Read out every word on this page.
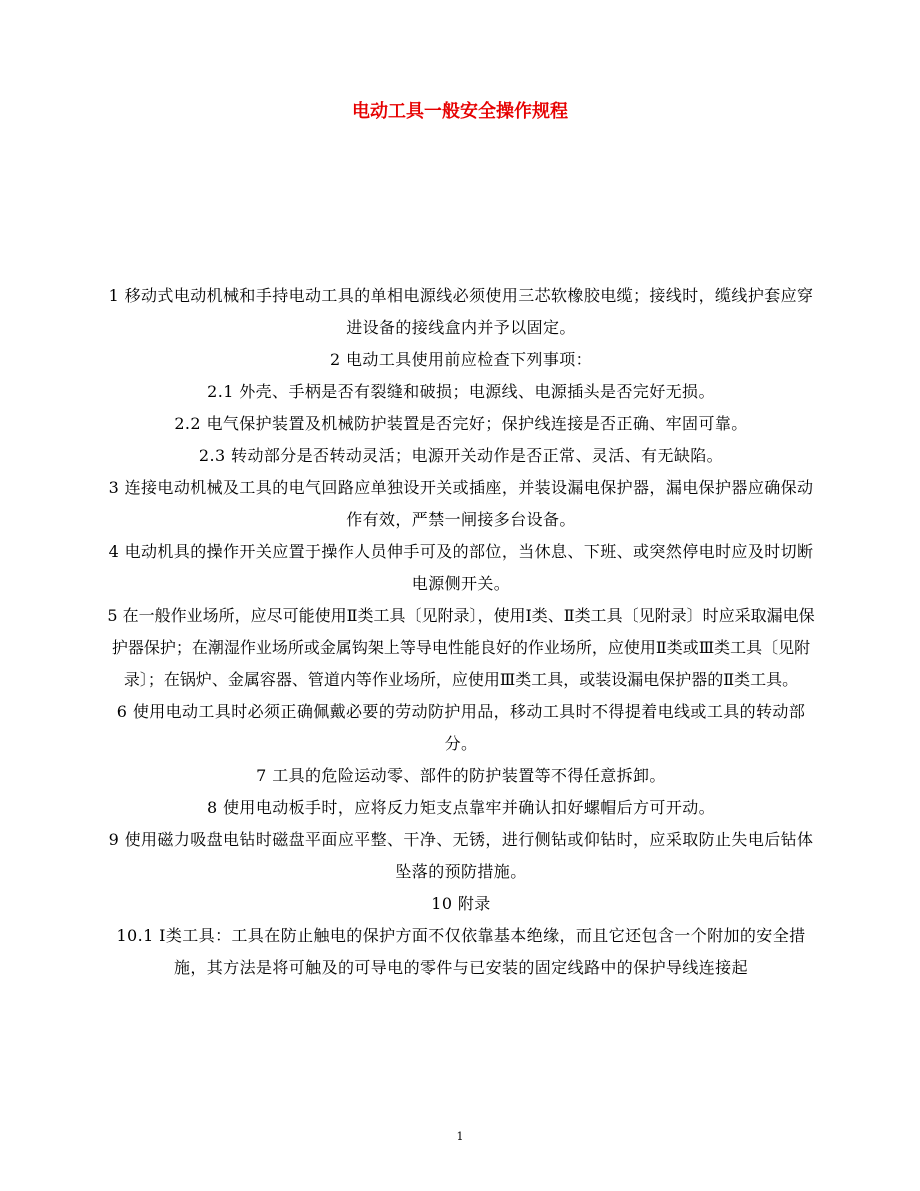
电动工具一般安全操作规程

1 移动式电动机械和手持电动工具的单相电源线必须使用三芯软橡胶电缆；接线时，缆线护套应穿进设备的接线盒内并予以固定。

2 电动工具使用前应检查下列事项：

2.1 外壳、手柄是否有裂缝和破损；电源线、电源插头是否完好无损。

2.2 电气保护装置及机械防护装置是否完好；保护线连接是否正确、牢固可靠。

2.3 转动部分是否转动灵活；电源开关动作是否正常、灵活、有无缺陷。

3 连接电动机械及工具的电气回路应单独设开关或插座，并装设漏电保护器，漏电保护器应确保动作有效，严禁一闸接多台设备。

4 电动机具的操作开关应置于操作人员伸手可及的部位，当休息、下班、或突然停电时应及时切断电源侧开关。

5 在一般作业场所，应尽可能使用Ⅱ类工具〔见附录〕，使用Ⅰ类、Ⅱ类工具〔见附录〕时应采取漏电保护器保护；在潮湿作业场所或金属钩架上等导电性能良好的作业场所，应使用Ⅱ类或Ⅲ类工具〔见附录〕；在锅炉、金属容器、管道内等作业场所，应使用Ⅲ类工具，或装设漏电保护器的Ⅱ类工具。

6 使用电动工具时必须正确佩戴必要的劳动防护用品，移动工具时不得提着电线或工具的转动部分。

7 工具的危险运动零、部件的防护装置等不得任意拆卸。

8 使用电动板手时，应将反力矩支点靠牢并确认扣好螺帽后方可开动。

9 使用磁力吸盘电钻时磁盘平面应平整、干净、无锈，进行侧钻或仰钻时，应采取防止失电后钻体坠落的预防措施。

10 附录

10.1 Ⅰ类工具：工具在防止触电的保护方面不仅依靠基本绝缘，而且它还包含一个附加的安全措施，其方法是将可触及的可导电的零件与已安装的固定线路中的保护导线连接起

1
